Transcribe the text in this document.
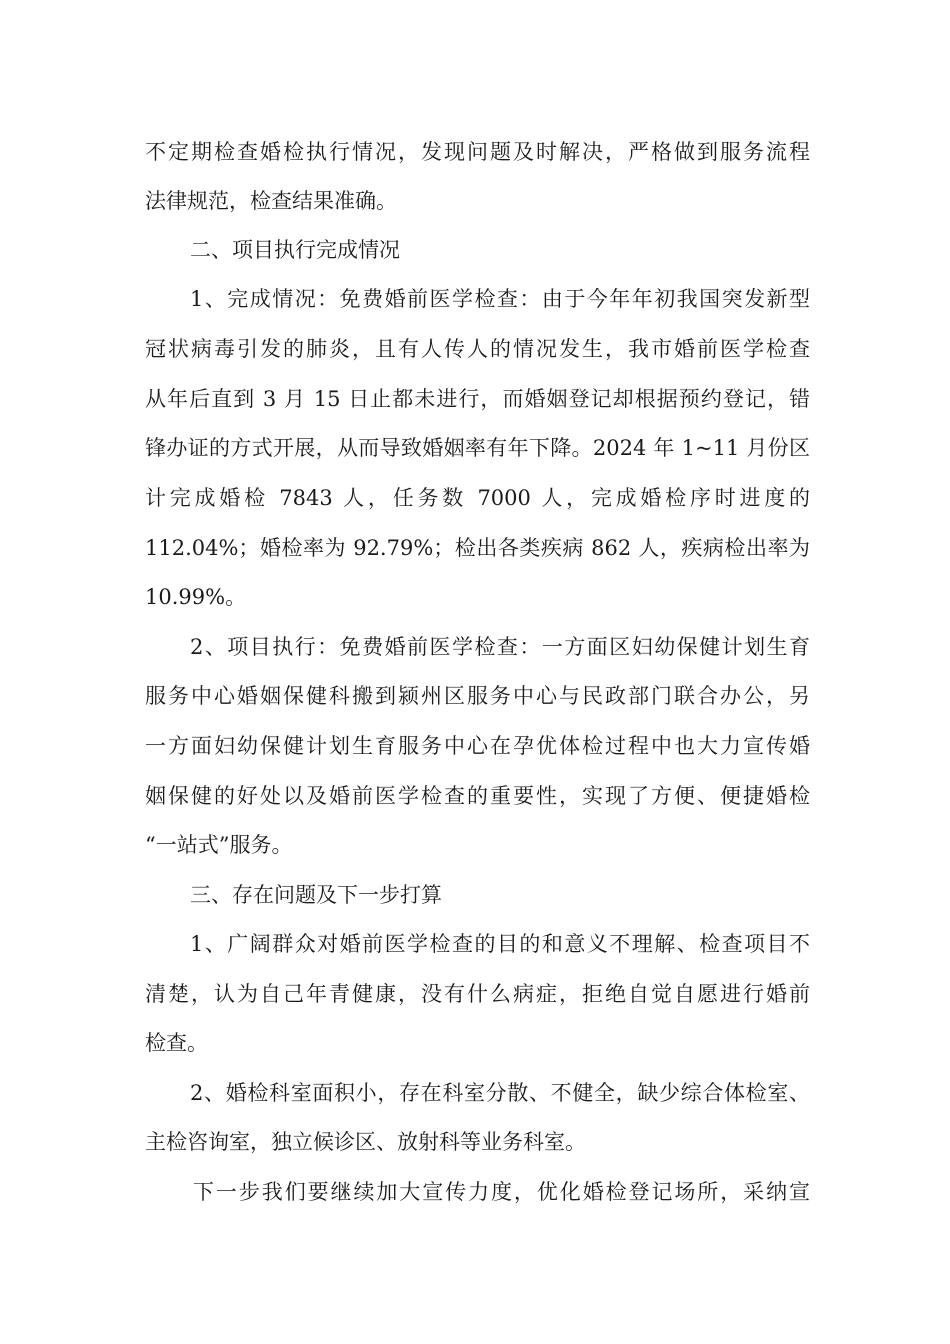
不定期检查婚检执行情况，发现问题及时解决，严格做到服务流程

法律规范，检查结果准确。

二、项目执行完成情况

1、完成情况：免费婚前医学检查：由于今年年初我国突发新型

冠状病毒引发的肺炎，且有人传人的情况发生，我市婚前医学检查

从年后直到 3 月 15 日止都未进行，而婚姻登记却根据预约登记，错

锋办证的方式开展，从而导致婚姻率有年下降。2024 年 1~11 月份区

计完成婚检 7843 人，任务数 7000 人，完成婚检序时进度的

112.04%；婚检率为 92.79%；检出各类疾病 862 人，疾病检出率为

10.99%。

2、项目执行：免费婚前医学检查：一方面区妇幼保健计划生育

服务中心婚姻保健科搬到颍州区服务中心与民政部门联合办公，另

一方面妇幼保健计划生育服务中心在孕优体检过程中也大力宣传婚

姻保健的好处以及婚前医学检查的重要性，实现了方便、便捷婚检

“一站式”服务。

三、存在问题及下一步打算

1、广阔群众对婚前医学检查的目的和意义不理解、检查项目不

清楚，认为自己年青健康，没有什么病症，拒绝自觉自愿进行婚前

检查。

2、婚检科室面积小，存在科室分散、不健全，缺少综合体检室、

主检咨询室，独立候诊区、放射科等业务科室。

下一步我们要继续加大宣传力度，优化婚检登记场所，采纳宣
